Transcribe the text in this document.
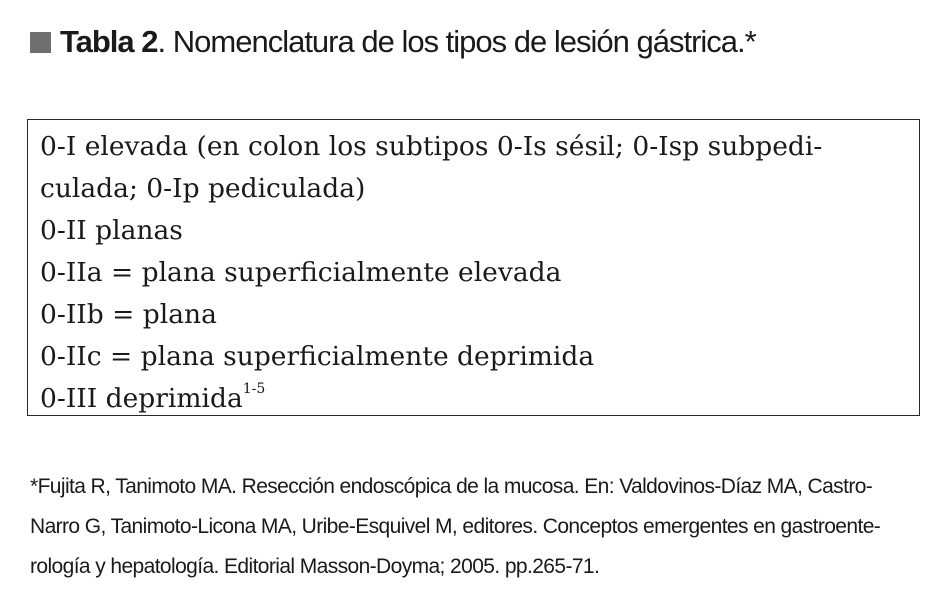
Tabla 2 . Nomenclatura de los tipos de lesión gástrica.*
0-I elevada (en colon los subtipos 0-Is sésil; 0-Isp subpedi-
culada; 0-Ip pediculada)
0-II planas
0-IIa = plana superficialmente elevada
0-IIb = plana
0-IIc = plana superficialmente deprimida
0-III deprimida$^{1-5}$
*Fujita R, Tanimoto MA. Resección endoscópica de la mucosa. En: Valdovinos-Díaz MA, Castro-
Narro G, Tanimoto-Licona MA, Uribe-Esquivel M, editores. Conceptos emergentes en gastroente-
rología y hepatología. Editorial Masson-Doyma; 2005. pp.265-71.
